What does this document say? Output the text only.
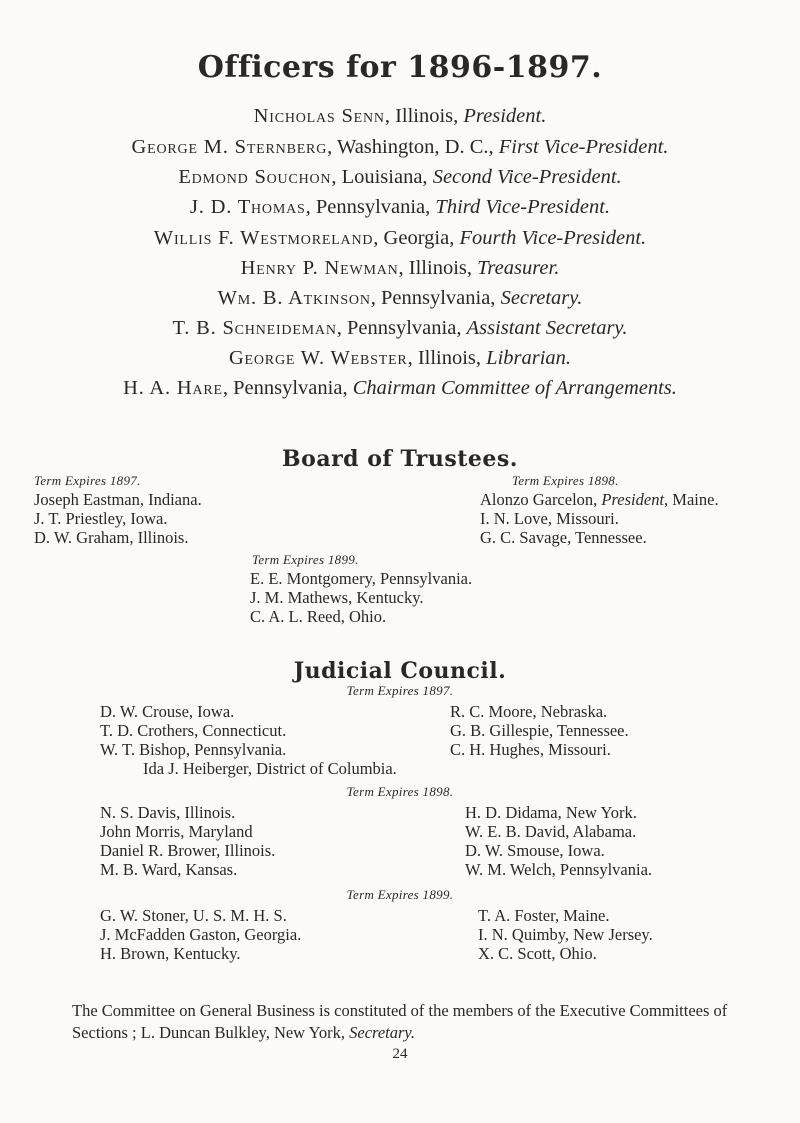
Officers for 1896-1897.
Nicholas Senn, Illinois, President.
George M. Sternberg, Washington, D. C., First Vice-President.
Edmond Souchon, Louisiana, Second Vice-President.
J. D. Thomas, Pennsylvania, Third Vice-President.
Willis F. Westmoreland, Georgia, Fourth Vice-President.
Henry P. Newman, Illinois, Treasurer.
Wm. B. Atkinson, Pennsylvania, Secretary.
T. B. Schneideman, Pennsylvania, Assistant Secretary.
George W. Webster, Illinois, Librarian.
H. A. Hare, Pennsylvania, Chairman Committee of Arrangements.
Board of Trustees.
Term Expires 1897.
Joseph Eastman, Indiana.
J. T. Priestley, Iowa.
D. W. Graham, Illinois.
Term Expires 1898.
Alonzo Garcelon, President, Maine.
I. N. Love, Missouri.
G. C. Savage, Tennessee.
Term Expires 1899.
E. E. Montgomery, Pennsylvania.
J. M. Mathews, Kentucky.
C. A. L. Reed, Ohio.
Judicial Council.
Term Expires 1897.
D. W. Crouse, Iowa.
T. D. Crothers, Connecticut.
W. T. Bishop, Pennsylvania.
R. C. Moore, Nebraska.
G. B. Gillespie, Tennessee.
C. H. Hughes, Missouri.
Ida J. Heiberger, District of Columbia.
Term Expires 1898.
N. S. Davis, Illinois.
John Morris, Maryland
Daniel R. Brower, Illinois.
M. B. Ward, Kansas.
H. D. Didama, New York.
W. E. B. David, Alabama.
D. W. Smouse, Iowa.
W. M. Welch, Pennsylvania.
Term Expires 1899.
G. W. Stoner, U. S. M. H. S.
J. McFadden Gaston, Georgia.
H. Brown, Kentucky.
T. A. Foster, Maine.
I. N. Quimby, New Jersey.
X. C. Scott, Ohio.
The Committee on General Business is constituted of the members of the Executive Committees of Sections ; L. Duncan Bulkley, New York, Secretary.
24
